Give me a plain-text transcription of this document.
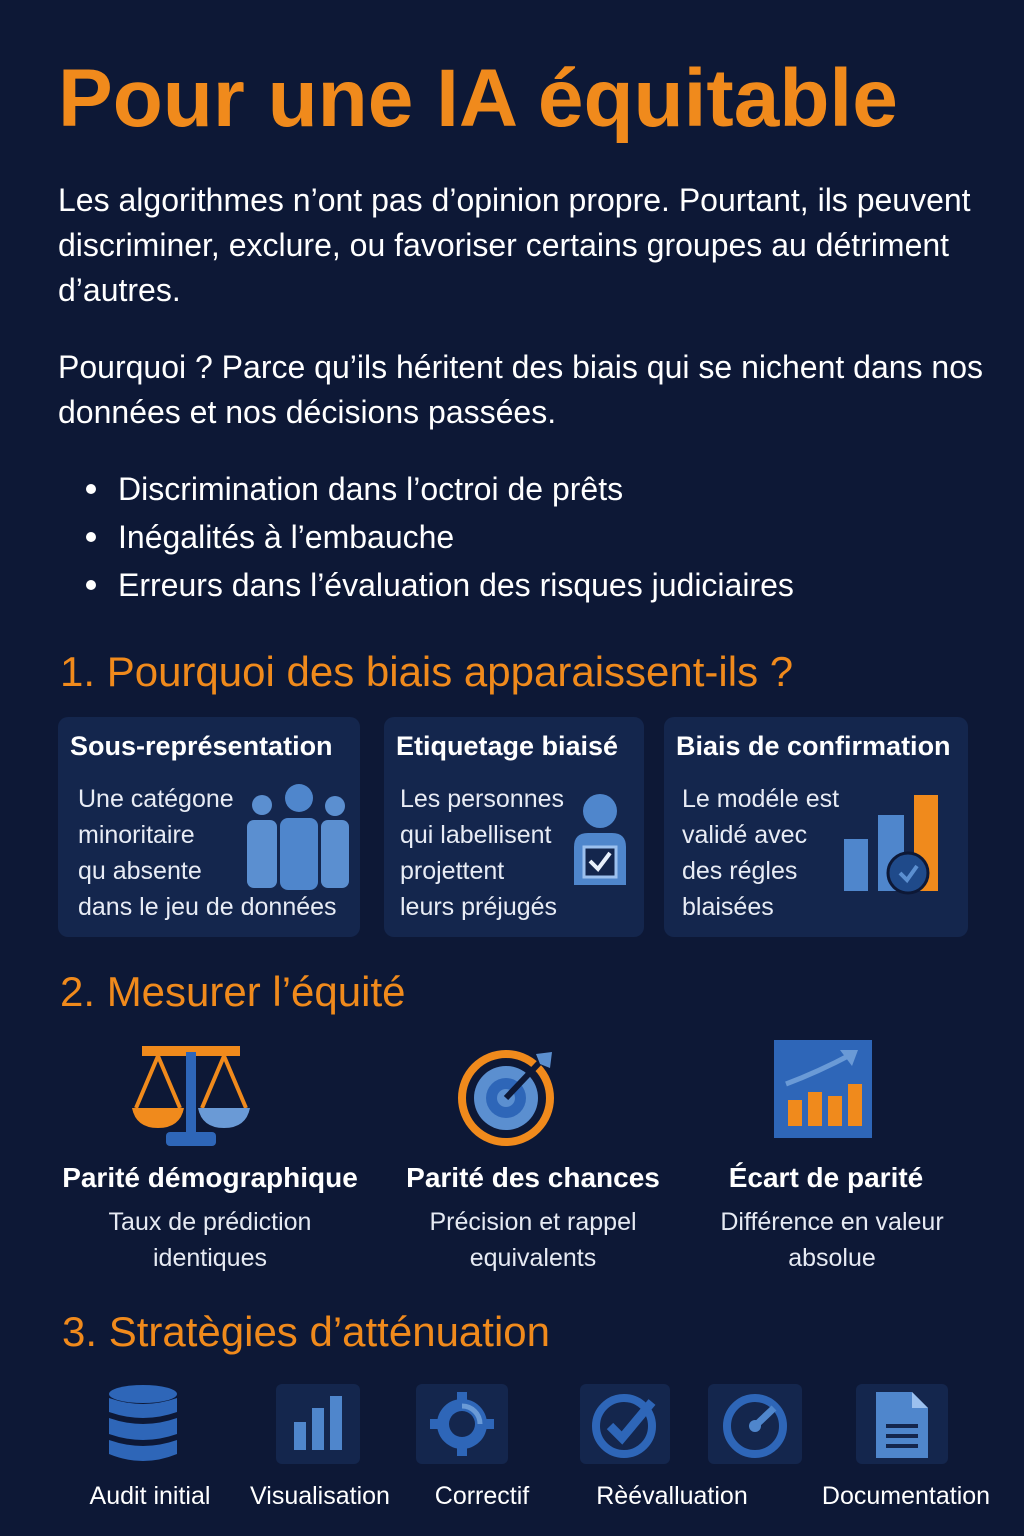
Pour une IA équitable

Les algorithmes n’ont pas d’opinion propre. Pourtant, ils peuvent discriminer, exclure, ou favoriser certains groupes au détriment d’autres.

Pourquoi ? Parce qu’ils héritent des biais qui se nichent dans nos données et nos décisions passées.

Discrimination dans l’octroi de prêts
Inégalités à l’embauche
Erreurs dans l’évaluation des risques judiciaires
1. Pourquoi des biais apparaissent-ils ?
Sous-représentation
Une catégone
minoritaire
qu absente
dans le jeu de données
Etiquetage biaisé
Les personnes
qui labellisent
projettent
leurs préjugés
Biais de confirmation
Le modéle est
validé avec
des régles
blaisées
2. Mesurer l’équité
Parité démographique
Taux de prédiction
identiques
Parité des chances
Précision et rappel
equivalents
Écart de parité
Différence en valeur
absolue
3. Stratègies d’atténuation
Audit initial	Visualisation	Correctif	Rèévalluation	Documentation
